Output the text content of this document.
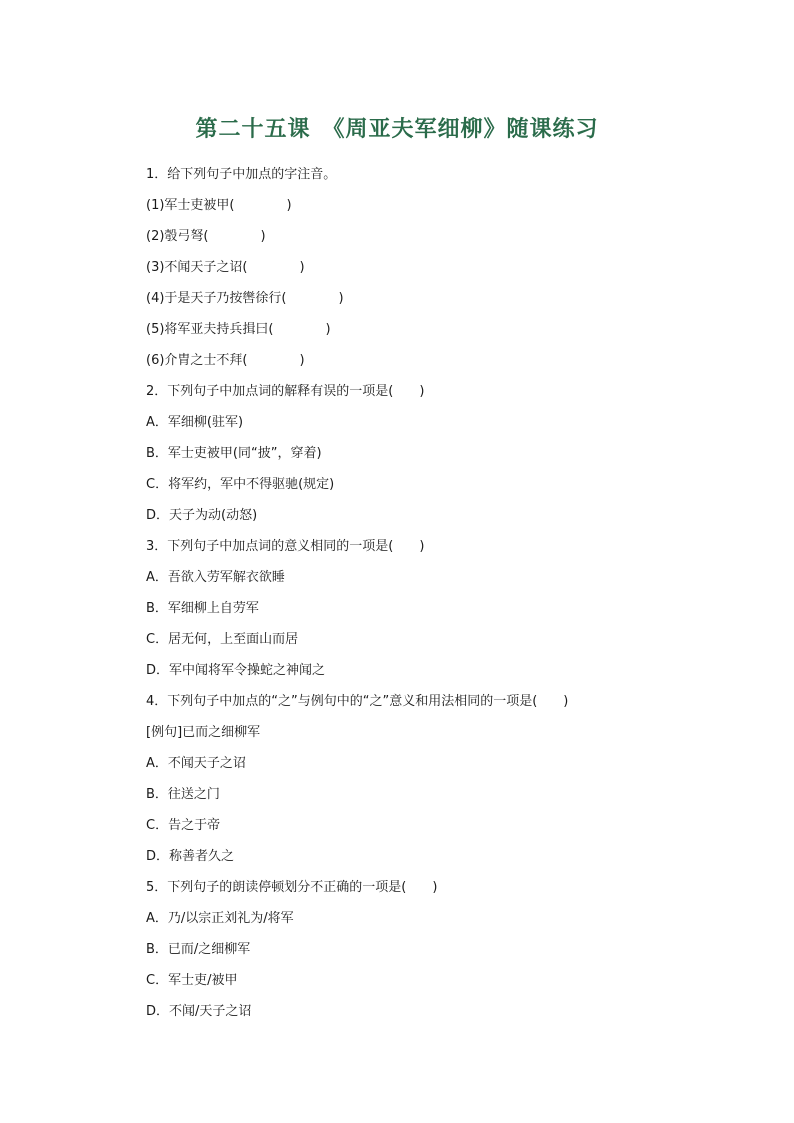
第二十五课　《周亚夫军细柳》随课练习
1．给下列句子中加点的字注音。
(1)军士吏被甲(　　　　)
(2)彀弓弩(　　　　)
(3)不闻天子之诏(　　　　)
(4)于是天子乃按辔徐行(　　　　)
(5)将军亚夫持兵揖曰(　　　　)
(6)介胄之士不拜(　　　　)
2．下列句子中加点词的解释有误的一项是(　　)
A．军细柳(驻军)
B．军士吏被甲(同“披”，穿着)
C．将军约，军中不得驱驰(规定)
D．天子为动(动怒)
3．下列句子中加点词的意义相同的一项是(　　)
A．吾欲入劳军解衣欲睡
B．军细柳上自劳军
C．居无何，上至面山而居
D．军中闻将军令操蛇之神闻之
4．下列句子中加点的“之”与例句中的“之”意义和用法相同的一项是(　　)
[例句]已而之细柳军
A．不闻天子之诏
B．往送之门
C．告之于帝
D．称善者久之
5．下列句子的朗读停顿划分不正确的一项是(　　)
A．乃/以宗正刘礼为/将军
B．已而/之细柳军
C．军士吏/被甲
D．不闻/天子之诏
